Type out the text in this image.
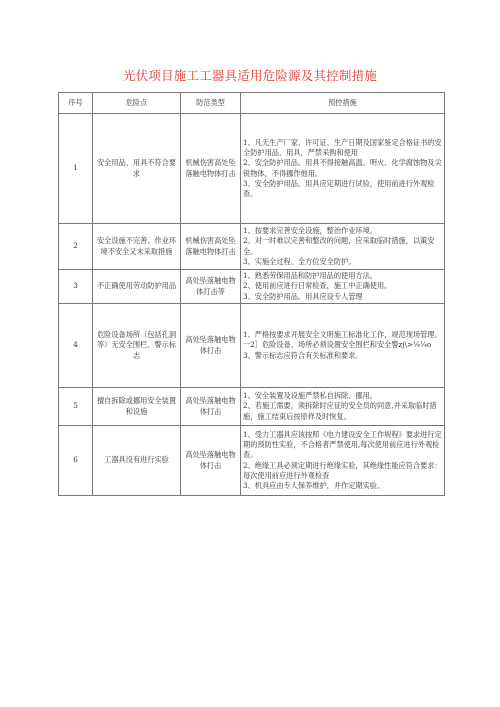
光伏项目施工工器具适用危险源及其控制措施
序号	危险点	防范类型	预控措施
1	安全用品、用具不符合要求	机械伤害高处坠落触电物体打击	1、凡无生产厂家、许可证、生产日期及国家鉴定合格证书的安全防护用品、用具，严禁采购和使用
2、安全防护用品、用具不得接触高温、明火、化学腐蚀物及尖锐物体，不得挪作他用。
3、安全防护用品、用具应定期进行试验，使用前进行外观检查。

2	安全设施不完善、作业环境不安全又未采取措施	机械伤害高处坠落触电物体打击	1、按要求完善安全设施，整治作业环境。
2、对一时难以完善和整改的问题，应采取临时措施，以策安全。
3、实施全过程、全方位安全防护。

3	不正确使用劳动防护用品	高处坠落触电物体打击等	1、熟悉劳保用品和防护用品的使用方法。
2、使用前应进行日常检查，施工中正确使用。
3、安全防护用品、用具应设专人管理

4	危险设备场所（包括孔洞等）无安全围栏、警示标志	高处坠落触电物体打击	1、严格按要求开展安全文明施工标准化工作，规范现场管理。
一2］危险设备、场所必须设置安全围栏和安全警zj\>¼¼o
3、警示标志应符合有关标准和要求。

5	擅自拆除或挪用安全装置和设施	高处坠落触电物体打击	1、安全装置及设施严禁私自拆除、挪用。
2、若施工需要，须拆除时应征的安全员的同意,并采取临时措施，施工结束后按原样及时恢复。

6	工器具没有进行实验	高处坠落触电物体打击	1、受力工器具应该按照《电力建设安全工作规程》要求进行定期的预防性实验，不合格者严禁使用,每次使用前应进行外观检查。
2、绝缘工具必须定期进行绝缘实验，其绝缘性能应符合要求：每次使用前应进行外观检查
3、机具应由专人保养维护，并作定期实验。
